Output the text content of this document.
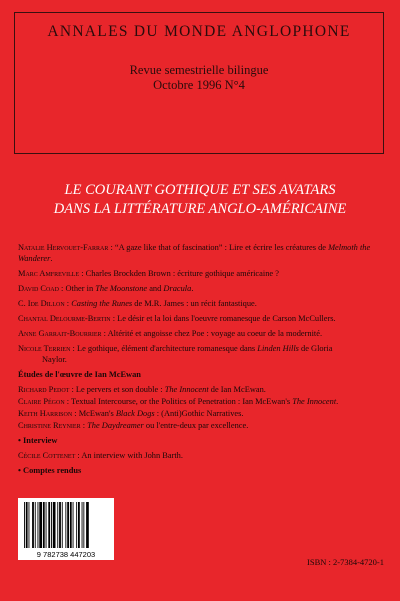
ANNALES DU MONDE ANGLOPHONE
Revue semestrielle bilingue
Octobre 1996 N°4
LE COURANT GOTHIQUE ET SES AVATARS
DANS LA LITTÉRATURE ANGLO-AMÉRICAINE

Natalie Hervouet-Farrar : “A gaze like that of fascination” : Lire et écrire les créatures de Melmoth the Wanderer.

Marc Amfreville : Charles Brockden Brown : écriture gothique américaine ?

David Coad : Other in The Moonstone and Dracula.

C. Ide Dillon : Casting the Runes de M.R. James : un récit fantastique.

Chantal Delourme-Bertin : Le désir et la loi dans l'oeuvre romanesque de Carson McCullers.

Anne Garrait-Bourrier : Altérité et angoisse chez Poe : voyage au coeur de la modernité.

Nicole Terrien : Le gothique, élément d'architecture romanesque dans Linden Hills de Gloria
Naylor.

Études de l'œuvre de Ian McEwan

Richard Pedot : Le pervers et son double : The Innocent de Ian McEwan.

Claire Pégon : Textual Intercourse, or the Politics of Penetration : Ian McEwan's The Innocent.

Keith Harrison : McEwan's Black Dogs : (Anti)Gothic Narratives.

Christine Reynier : The Daydreamer ou l'entre-deux par excellence.

• Interview

Cécile Cottenet : An interview with John Barth.

• Comptes rendus

9 782738 447203
ISBN : 2-7384-4720-1
